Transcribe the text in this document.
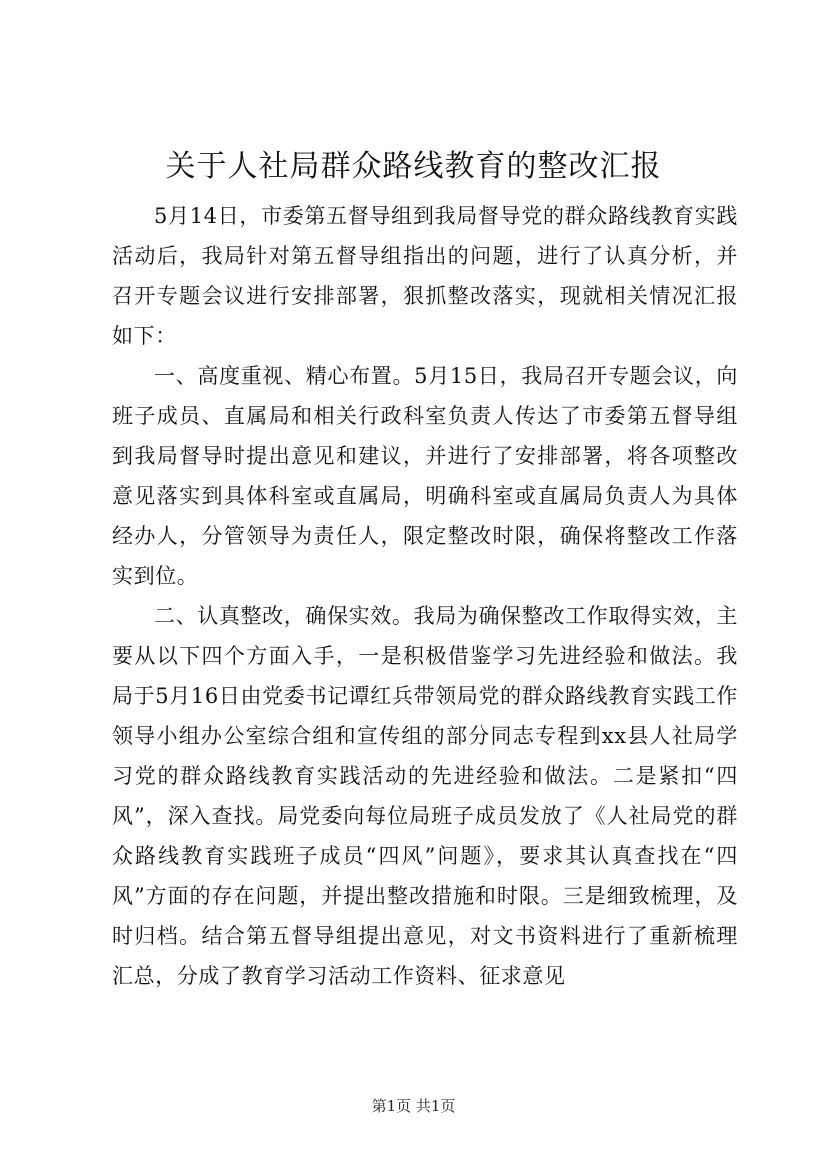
关于人社局群众路线教育的整改汇报

5月14日，市委第五督导组到我局督导党的群众路线教育实践活动后，我局针对第五督导组指出的问题，进行了认真分析，并召开专题会议进行安排部署，狠抓整改落实，现就相关情况汇报如下：

一、高度重视、精心布置。5月15日，我局召开专题会议，向班子成员、直属局和相关行政科室负责人传达了市委第五督导组到我局督导时提出意见和建议，并进行了安排部署，将各项整改意见落实到具体科室或直属局，明确科室或直属局负责人为具体经办人，分管领导为责任人，限定整改时限，确保将整改工作落实到位。

二、认真整改，确保实效。我局为确保整改工作取得实效，主要从以下四个方面入手，一是积极借鉴学习先进经验和做法。我局于5月16日由党委书记谭红兵带领局党的群众路线教育实践工作领导小组办公室综合组和宣传组的部分同志专程到xx县人社局学习党的群众路线教育实践活动的先进经验和做法。二是紧扣“四风”，深入查找。局党委向每位局班子成员发放了《人社局党的群众路线教育实践班子成员“四风”问题》，要求其认真查找在“四风”方面的存在问题，并提出整改措施和时限。三是细致梳理，及时归档。结合第五督导组提出意见，对文书资料进行了重新梳理汇总，分成了教育学习活动工作资料、征求意见

第1页 共1页
